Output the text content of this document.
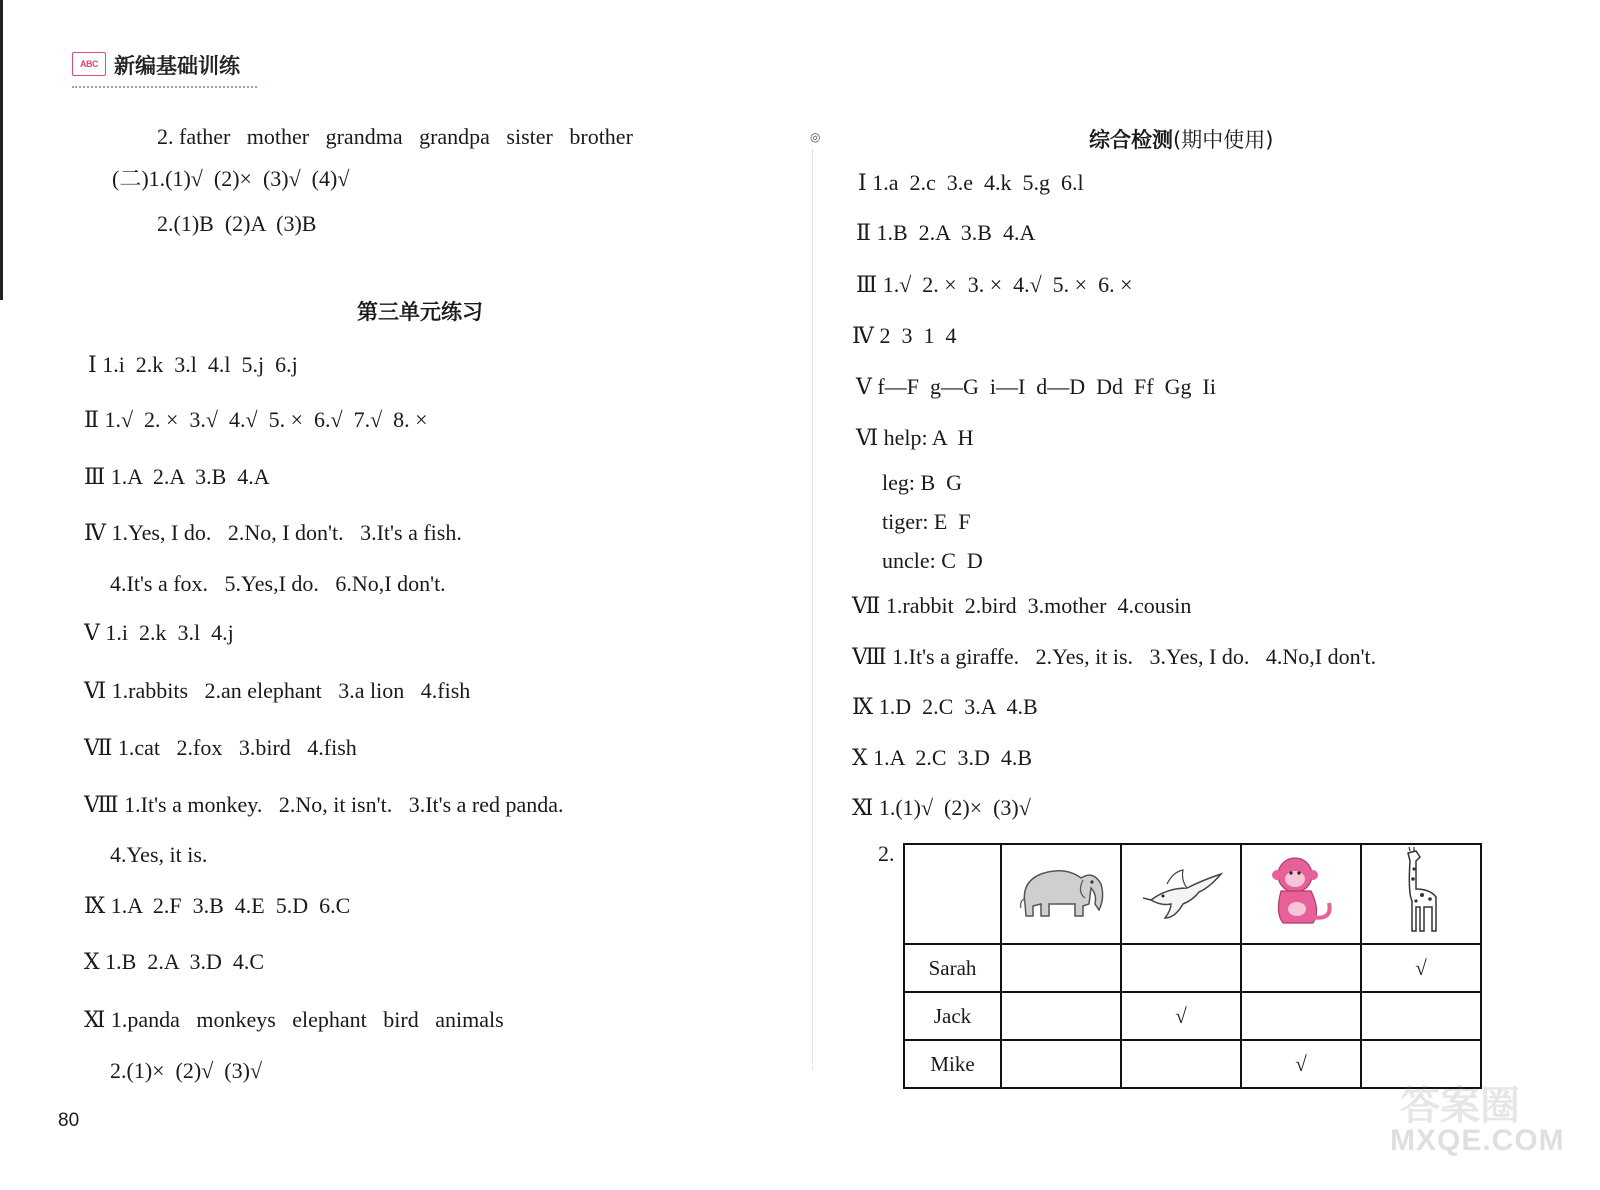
ABC 新编基础训练
2. father   mother   grandma   grandpa   sister   brother
(二)1.(1)√  (2)×  (3)√  (4)√
2.(1)B  (2)A  (3)B
第三单元练习
Ⅰ 1.i  2.k  3.l  4.l  5.j  6.j
Ⅱ 1.√  2. ×  3.√  4.√  5. ×  6.√  7.√  8. ×
Ⅲ 1.A  2.A  3.B  4.A
Ⅳ 1.Yes, I do.   2.No, I don't.   3.It's a fish.
4.It's a fox.   5.Yes,I do.   6.No,I don't.
Ⅴ 1.i  2.k  3.l  4.j
Ⅵ 1.rabbits   2.an elephant   3.a lion   4.fish
Ⅶ 1.cat   2.fox   3.bird   4.fish
Ⅷ 1.It's a monkey.   2.No, it isn't.   3.It's a red panda.
4.Yes, it is.
Ⅸ 1.A  2.F  3.B  4.E  5.D  6.C
Ⅹ 1.B  2.A  3.D  4.C
Ⅺ 1.panda   monkeys   elephant   bird   animals
2.(1)×  (2)√  (3)√
80
◎	综合检测(期中使用)
Ⅰ 1.a  2.c  3.e  4.k  5.g  6.l
Ⅱ 1.B  2.A  3.B  4.A
Ⅲ 1.√  2. ×  3. ×  4.√  5. ×  6. ×
Ⅳ 2  3  1  4
Ⅴ f—F  g—G  i—I  d—D  Dd  Ff  Gg  Ii
Ⅵ help: A  H
leg: B  G
tiger: E  F
uncle: C  D
Ⅶ 1.rabbit  2.bird  3.mother  4.cousin
Ⅷ 1.It's a giraffe.   2.Yes, it is.   3.Yes, I do.   4.No,I don't.
Ⅸ 1.D  2.C  3.A  4.B
Ⅹ 1.A  2.C  3.D  4.B
Ⅺ 1.(1)√  (2)×  (3)√
2.

Sarah				√
Jack		√		
Mike			√	
答案圈
MXQE.COM
